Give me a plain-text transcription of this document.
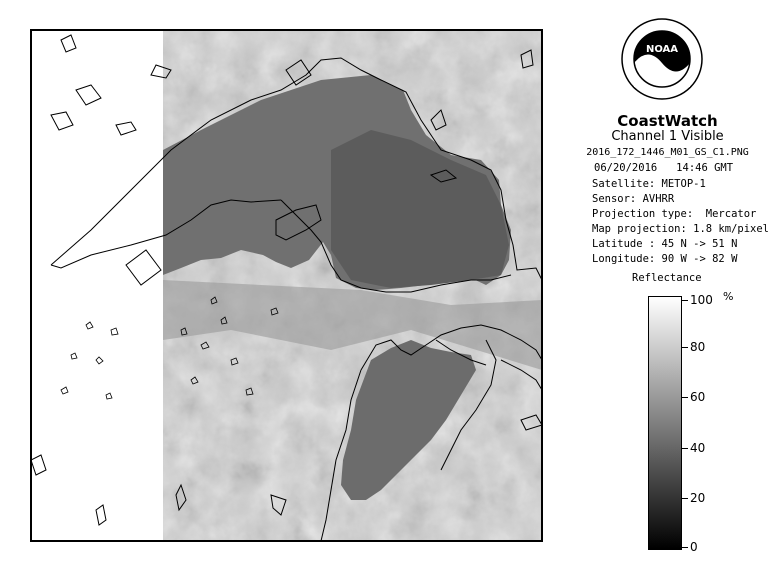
NOAA
CoastWatch
Channel 1 Visible
2016_172_1446_M01_GS_C1.PNG
06/20/2016   14:46 GMT
Satellite: METOP-1
Sensor: AVHRR
Projection type:  Mercator
Map projection: 1.8 km/pixel
Latitude : 45 N -> 51 N
Longitude: 90 W -> 82 W
Reflectance
%
100
80
60
40
20
0
